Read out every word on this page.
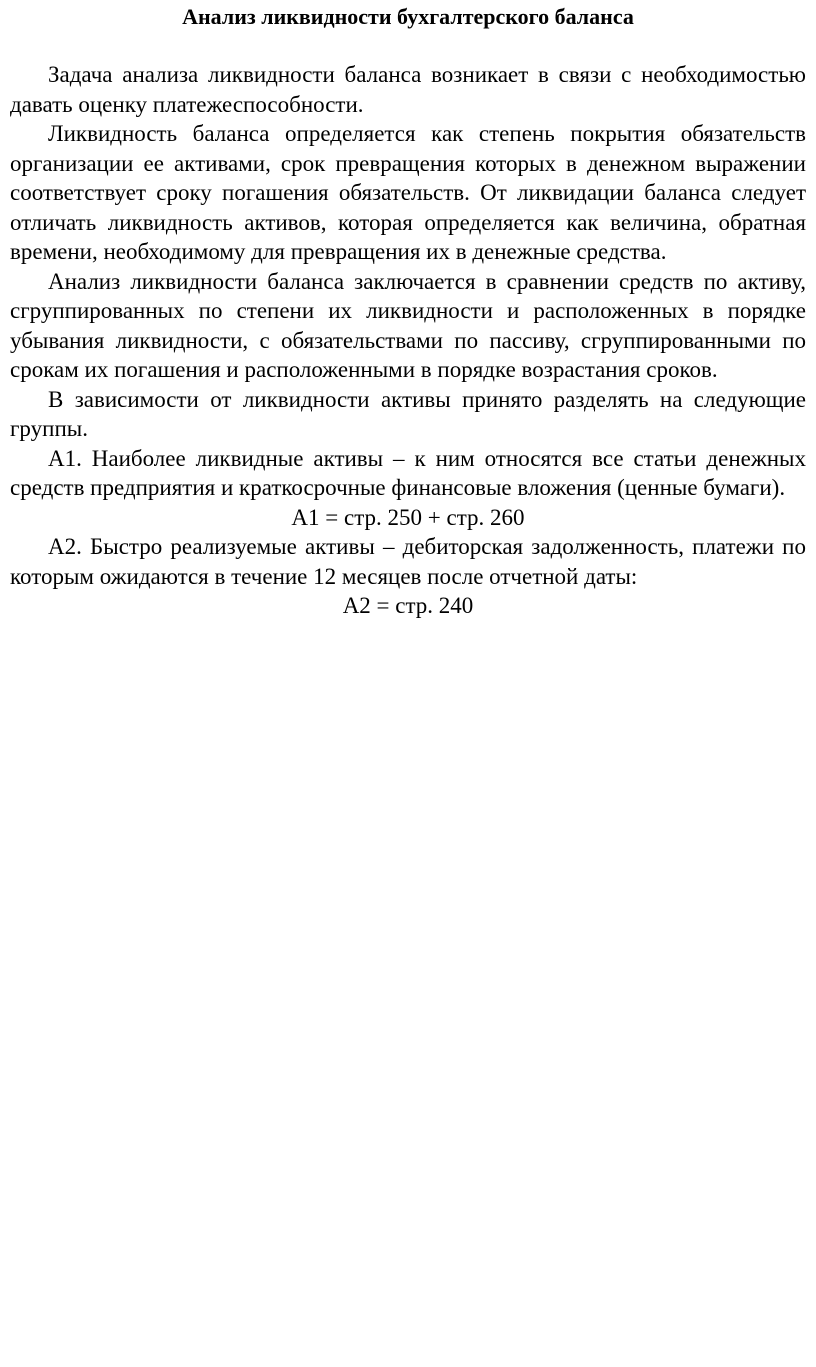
Анализ ликвидности бухгалтерского баланса

Задача анализа ликвидности баланса возникает в связи с необходимостью давать оценку платежеспособности.

Ликвидность баланса определяется как степень покрытия обязательств организации ее активами, срок превращения которых в денежном выражении соответствует сроку погашения обязательств. От ликвидации баланса следует отличать ликвидность активов, которая определяется как величина, обратная времени, необходимому для превращения их в денежные средства.

Анализ ликвидности баланса заключается в сравнении средств по активу, сгруппированных по степени их ликвидности и расположенных в порядке убывания ликвидности, с обязательствами по пассиву, сгруппированными по срокам их погашения и расположенными в порядке возрастания сроков.

В зависимости от ликвидности активы принято разделять на следующие группы.

А1. Наиболее ликвидные активы – к ним относятся все статьи денежных средств предприятия и краткосрочные финансовые вложения (ценные бумаги).

А1 = стр. 250 + стр. 260

А2. Быстро реализуемые активы – дебиторская задолженность, платежи по которым ожидаются в течение 12 месяцев после отчетной даты:

А2 = стр. 240
